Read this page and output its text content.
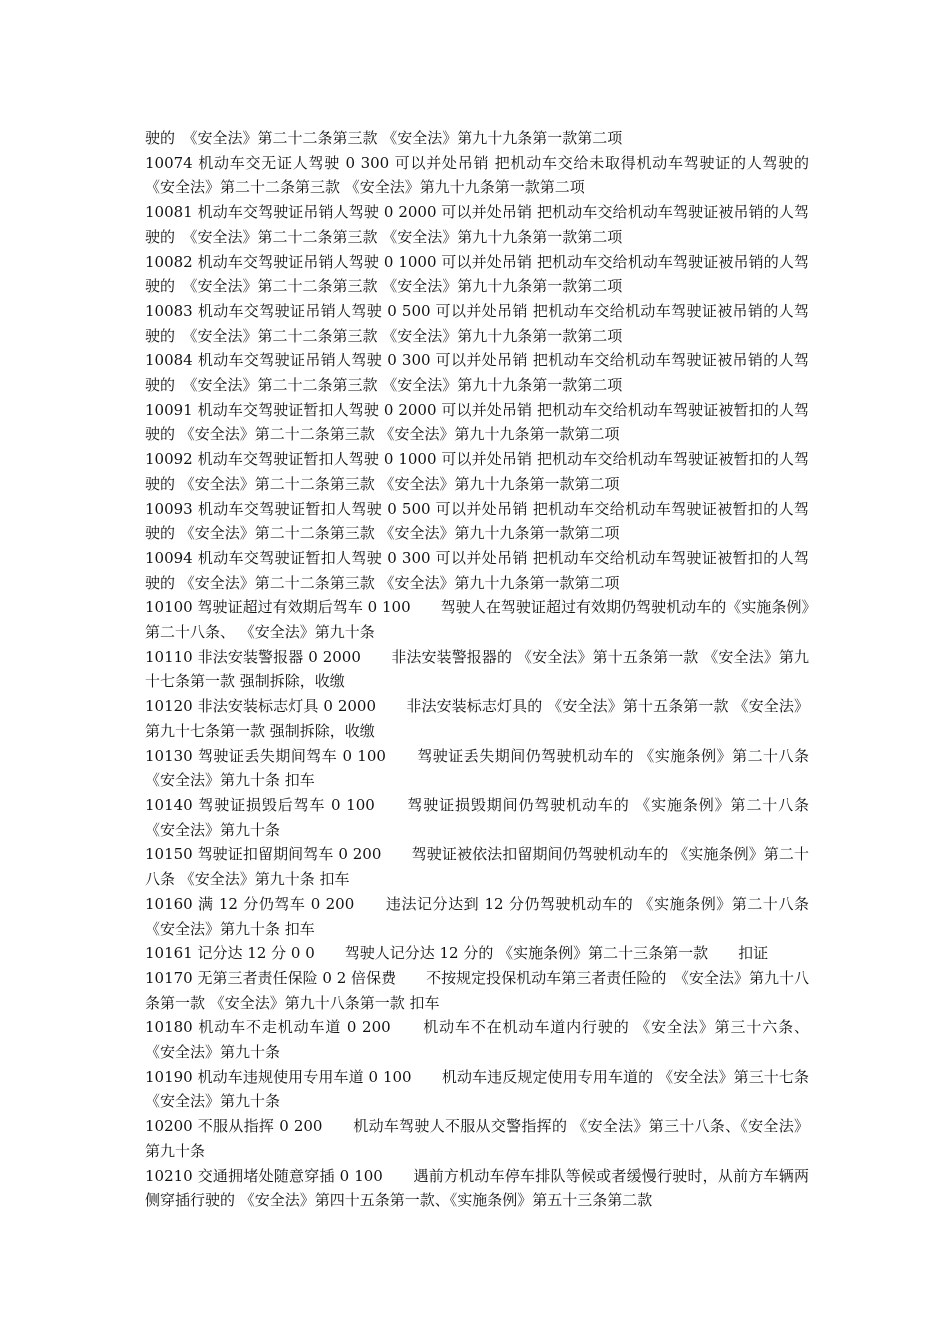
驶的　《安全法》第二十二条第三款 《安全法》第九十九条第一款第二项

10074 机动车交无证人驾驶 0 300 可以并处吊销 把机动车交给未取得机动车驾驶证的人驾驶的　《安全法》第二十二条第三款 《安全法》第九十九条第一款第二项

10081 机动车交驾驶证吊销人驾驶 0 2000 可以并处吊销 把机动车交给机动车驾驶证被吊销的人驾驶的　《安全法》第二十二条第三款 《安全法》第九十九条第一款第二项

10082 机动车交驾驶证吊销人驾驶 0 1000 可以并处吊销 把机动车交给机动车驾驶证被吊销的人驾驶的　《安全法》第二十二条第三款 《安全法》第九十九条第一款第二项

10083 机动车交驾驶证吊销人驾驶 0 500 可以并处吊销 把机动车交给机动车驾驶证被吊销的人驾驶的　《安全法》第二十二条第三款 《安全法》第九十九条第一款第二项

10084 机动车交驾驶证吊销人驾驶 0 300 可以并处吊销 把机动车交给机动车驾驶证被吊销的人驾驶的　《安全法》第二十二条第三款 《安全法》第九十九条第一款第二项

10091 机动车交驾驶证暂扣人驾驶 0 2000 可以并处吊销 把机动车交给机动车驾驶证被暂扣的人驾驶的 《安全法》第二十二条第三款 《安全法》第九十九条第一款第二项

10092 机动车交驾驶证暂扣人驾驶 0 1000 可以并处吊销 把机动车交给机动车驾驶证被暂扣的人驾驶的 《安全法》第二十二条第三款 《安全法》第九十九条第一款第二项

10093 机动车交驾驶证暂扣人驾驶 0 500 可以并处吊销 把机动车交给机动车驾驶证被暂扣的人驾驶的 《安全法》第二十二条第三款 《安全法》第九十九条第一款第二项

10094 机动车交驾驶证暂扣人驾驶 0 300 可以并处吊销 把机动车交给机动车驾驶证被暂扣的人驾驶的 《安全法》第二十二条第三款 《安全法》第九十九条第一款第二项

10100 驾驶证超过有效期后驾车 0 100　　驾驶人在驾驶证超过有效期仍驾驶机动车的《实施条例》第二十八条、 《安全法》第九十条

10110 非法安装警报器 0 2000　　非法安装警报器的 《安全法》第十五条第一款 《安全法》第九十七条第一款 强制拆除，收缴

10120 非法安装标志灯具 0 2000　　非法安装标志灯具的 《安全法》第十五条第一款 《安全法》第九十七条第一款 强制拆除，收缴

10130 驾驶证丢失期间驾车 0 100　　驾驶证丢失期间仍驾驶机动车的 《实施条例》第二十八条 《安全法》第九十条 扣车

10140 驾驶证损毁后驾车 0 100　　驾驶证损毁期间仍驾驶机动车的 《实施条例》第二十八条 《安全法》第九十条

10150 驾驶证扣留期间驾车 0 200　　驾驶证被依法扣留期间仍驾驶机动车的 《实施条例》第二十八条 《安全法》第九十条 扣车

10160 满 12 分仍驾车 0 200　　违法记分达到 12 分仍驾驶机动车的 《实施条例》第二十八条 《安全法》第九十条 扣车

10161 记分达 12 分 0 0　　驾驶人记分达 12 分的 《实施条例》第二十三条第一款　　扣证

10170 无第三者责任保险 0 2 倍保费　　不按规定投保机动车第三者责任险的　《安全法》第九十八条第一款 《安全法》第九十八条第一款 扣车

10180 机动车不走机动车道 0 200　　机动车不在机动车道内行驶的 《安全法》第三十六条、 《安全法》第九十条

10190 机动车违规使用专用车道 0 100　　机动车违反规定使用专用车道的 《安全法》第三十七条 《安全法》第九十条

10200 不服从指挥 0 200　　机动车驾驶人不服从交警指挥的 《安全法》第三十八条、《安全法》第九十条

10210 交通拥堵处随意穿插 0 100　　遇前方机动车停车排队等候或者缓慢行驶时，从前方车辆两侧穿插行驶的 《安全法》第四十五条第一款、《实施条例》第五十三条第二款
